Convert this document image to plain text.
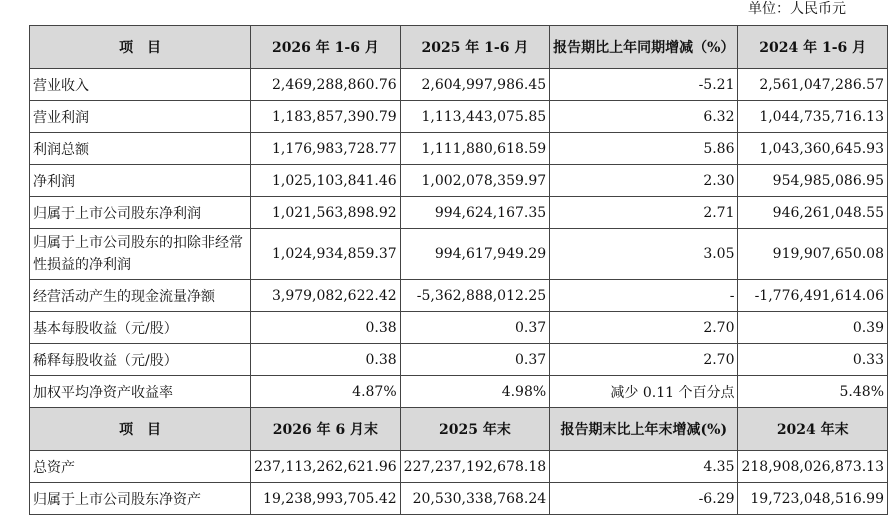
单位：人民币元
项　目	2026 年 1-6 月	2025 年 1-6 月	报告期比上年同期增减（%）	2024 年 1-6 月
营业收入	2,469,288,860.76	2,604,997,986.45	-5.21	2,561,047,286.57
营业利润	1,183,857,390.79	1,113,443,075.85	6.32	1,044,735,716.13
利润总额	1,176,983,728.77	1,111,880,618.59	5.86	1,043,360,645.93
净利润	1,025,103,841.46	1,002,078,359.97	2.30	954,985,086.95
归属于上市公司股东净利润	1,021,563,898.92	994,624,167.35	2.71	946,261,048.55
归属于上市公司股东的扣除非经常性损益的净利润	1,024,934,859.37	994,617,949.29	3.05	919,907,650.08
经营活动产生的现金流量净额	3,979,082,622.42	-5,362,888,012.25	-	-1,776,491,614.06
基本每股收益（元/股）	0.38	0.37	2.70	0.39
稀释每股收益（元/股）	0.38	0.37	2.70	0.33
加权平均净资产收益率	4.87%	4.98%	减少 0.11 个百分点	5.48%
项　目	2026 年 6 月末	2025 年末	报告期末比上年末增减(%)	2024 年末
总资产	237,113,262,621.96	227,237,192,678.18	4.35	218,908,026,873.13
归属于上市公司股东净资产	19,238,993,705.42	20,530,338,768.24	-6.29	19,723,048,516.99
